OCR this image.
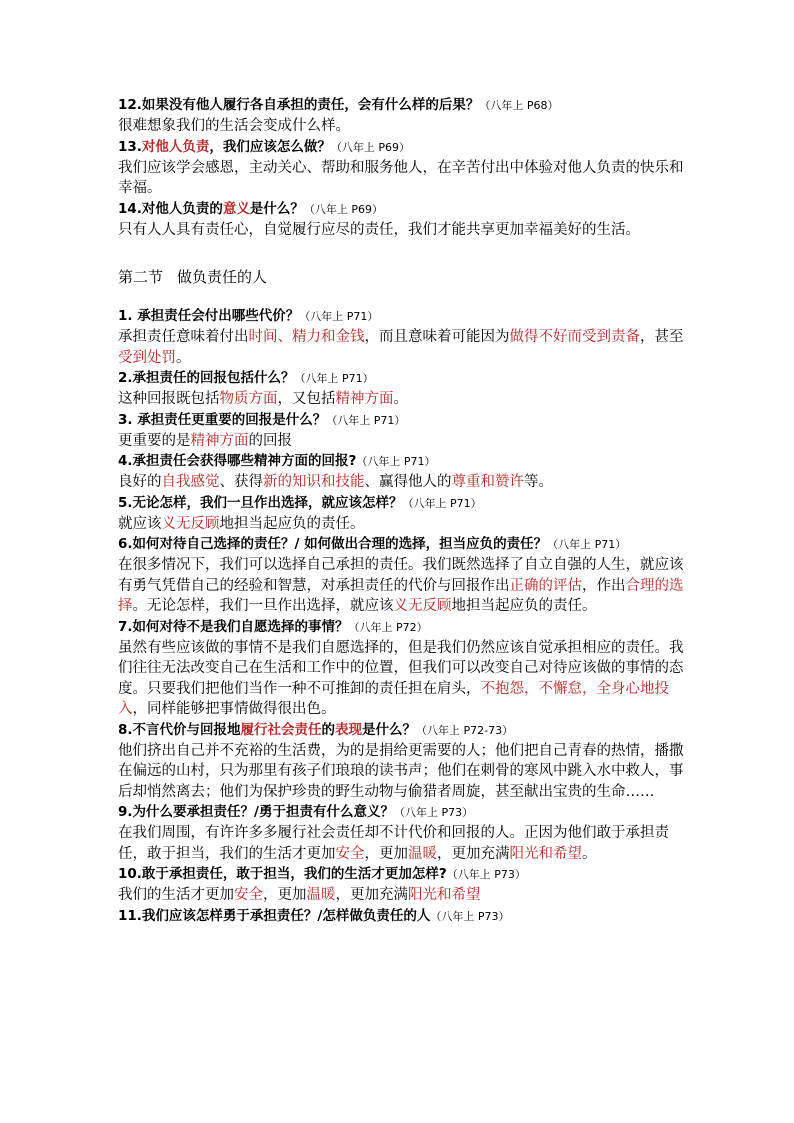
12.如果没有他人履行各自承担的责任，会有什么样的后果？（八年上 P68）

很难想象我们的生活会变成什么样。

13.对他人负责，我们应该怎么做？（八年上 P69）

我们应该学会感恩，主动关心、帮助和服务他人，在辛苦付出中体验对他人负责的快乐和幸福。

14.对他人负责的意义是什么？（八年上 P69）

只有人人具有责任心，自觉履行应尽的责任，我们才能共享更加幸福美好的生活。

第二节 做负责任的人

1. 承担责任会付出哪些代价？（八年上 P71）

承担责任意味着付出时间、精力和金钱，而且意味着可能因为做得不好而受到责备，甚至受到处罚。

2.承担责任的回报包括什么？（八年上 P71）

这种回报既包括物质方面，又包括精神方面。

3. 承担责任更重要的回报是什么？（八年上 P71）

更重要的是精神方面的回报

4.承担责任会获得哪些精神方面的回报?（八年上 P71）

良好的自我感觉、获得新的知识和技能、赢得他人的尊重和赞许等。

5.无论怎样，我们一旦作出选择，就应该怎样？（八年上 P71）

就应该义无反顾地担当起应负的责任。

6.如何对待自己选择的责任？/ 如何做出合理的选择，担当应负的责任？（八年上 P71）

在很多情况下，我们可以选择自己承担的责任。我们既然选择了自立自强的人生，就应该有勇气凭借自己的经验和智慧，对承担责任的代价与回报作出正确的评估，作出合理的选择。无论怎样，我们一旦作出选择，就应该义无反顾地担当起应负的责任。

7.如何对待不是我们自愿选择的事情？（八年上 P72）

虽然有些应该做的事情不是我们自愿选择的，但是我们仍然应该自觉承担相应的责任。我们往往无法改变自己在生活和工作中的位置，但我们可以改变自己对待应该做的事情的态度。只要我们把他们当作一种不可推卸的责任担在肩头，不抱怨，不懈怠，全身心地投入，同样能够把事情做得很出色。

8.不言代价与回报地履行社会责任的表现是什么？（八年上 P72-73）

他们挤出自己并不充裕的生活费，为的是捐给更需要的人；他们把自己青春的热情，播撒在偏远的山村，只为那里有孩子们琅琅的读书声；他们在刺骨的寒风中跳入水中救人，事后却悄然离去；他们为保护珍贵的野生动物与偷猎者周旋，甚至献出宝贵的生命……

9.为什么要承担责任？/勇于担责有什么意义？（八年上 P73）

在我们周围，有许许多多履行社会责任却不计代价和回报的人。正因为他们敢于承担责任，敢于担当，我们的生活才更加安全，更加温暖，更加充满阳光和希望。

10.敢于承担责任，敢于担当，我们的生活才更加怎样?（八年上 P73）

我们的生活才更加安全，更加温暖，更加充满阳光和希望

11.我们应该怎样勇于承担责任？/怎样做负责任的人（八年上 P73）
